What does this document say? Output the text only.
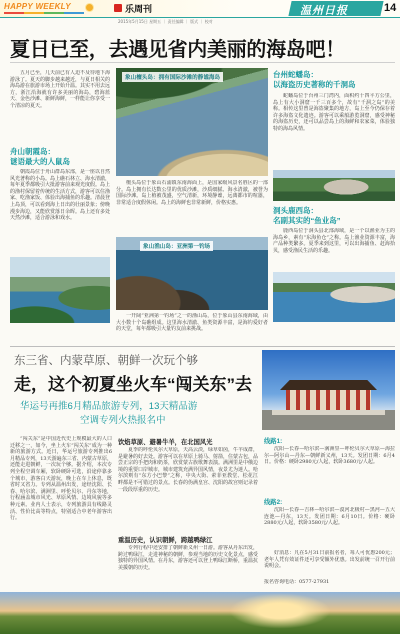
HAPPY WEEKLY	乐周刊	温州日报	14
2015年5月15日 星期五 ｜ 责任编辑 ｜ 版式 ｜ 校对
夏日已至，去遇见省内美丽的海岛吧！
五月已至，几天前已有人迫不及待地下海游泳了。夏天的脚步越来越近，与夏日相关的海岛游在旅游市场上开始升温。其实不用去远方，浙江沿海就有许多美丽的海岛，碧海蓝天、金色沙滩、新鲜海鲜，一样能让你享受一个清凉的夏天。
舟山朝霞岛：
谜语最大的人鼠岛
朝霞岛位于舟山群岛东部，是一座以自然风光著称的小岛。岛上礁石林立、海水清澈，每年夏季都吸引大批游客前来观光度假。岛上的渔村保留着传统的生活方式，游客可以住渔家、吃渔家饭、体验出海捕鱼的乐趣。清晨登上岛顶，可以看到海上日出的壮丽景象；傍晚漫步海边，又能欣赏落日余晖。岛上还有多处天然沙滩，适合游泳和戏水。
象山檀头岛：拥有国际沙滩的静谧海岛
檀头岛位于象山石浦镇东南海面上，是国家级风景名胜区的一部分。岛上拥有长达数公里的优质沙滩，沙质细腻、海水清澈，被誉为国际沙滩。岛上植被茂盛，空气清新，环境静谧，远离都市的喧嚣，非常适合度假休闲。岛上的海鲜也非常新鲜，价格实惠。
象山渔山岛：亚洲第一钓场
一开阔“亚洲第一钓场”之一的渔山岛，位于象山县东南海域，由大小数十个岛礁组成。这里海水清澈、鱼类资源丰富，是海钓爱好者的天堂，每年都吸引大量钓友前来挑战。
台州蛇蟠岛：
以海盗历史著称的千洞岛
蛇蟠岛位于台州三门湾内，面积约十四平方公里，岛上有大小洞窟一千三百多个，故有“千洞之岛”的美称。相传这里曾是海盗聚集的地方，岛上至今仍保存着许多海盗文化遗迹。游客可以乘船游览洞窟，感受神秘的海盗历史，还可以品尝岛上的海鲜和农家菜，体验独特的海岛风情。
洞头鹿西岛：
名副其实的“鱼业岛”
鹿西岛位于洞头县北部海域，是一个以渔业为主的海岛乡，素有“东海鱼仓”之称。岛上渔业资源丰富，海产品种类繁多。夏季来到这里，可以出海捕鱼、赶海拾贝，感受渔民生活的乐趣。
东三省、内蒙草原、朝鲜一次玩个够
走，这个初夏坐火车“闯关东”去
华运号再推6月精品旅游专列，13天精品游
空调专列火热报名中
“闯关东”是中国近代史上规模最大的人口迁移之一，如今，坐上火车“闯关东”成为一种新的旅游方式。近日，华运号旅游专列推出6月精品专列，13天游遍东三省、内蒙古草原，还能走进朝鲜，一次玩个够。据介绍，本次专列全程空调车厢，软卧硬卧可选，沿途停靠多个城市，游客白天游玩，晚上在车上休息，既省时又省力。专列从温州出发，途经沈阳、长春、哈尔滨、满洲里、呼伦贝尔、丹东等地，行程涵盖城市风光、草原风情、边境风貌等多种元素。业内人士表示，专列旅游具有线路灵活、性价比高等特点，特别适合中老年游客出行。
饮焰草原、避暑牛羊，在北国风光
夏季的呼伦贝尔大草原，天高云淡，绿草如茵，牛羊成群，是避暑的好去处。游客可以在草原上骑马、射箭，住蒙古包，品尝正宗的手把肉和奶茶，欣赏蒙古族歌舞表演。满洲里是中俄边境的重要口岸城市，城市建筑充满异国风情，夜景尤为迷人。哈尔滨则有“东方小巴黎”之称，中央大街、索菲亚教堂、松花江畔都是不可错过的景点。长春的伪满皇宫、沈阳的故宫则记录着一段段厚重的历史。
重温历史，认识朝鲜，跨越鸭绿江
专列行程中还安排了朝鲜新义州一日游。游客从丹东出发，跨过鸭绿江，走进神秘的朝鲜，参观当地的历史文化景点，感受独特的异国风情。在丹东，游客还可以登上鸭绿江断桥，重温抗美援朝的历史。
线路1:
沈阳—长春—哈尔滨—满洲里—呼伦贝尔大草原—海拉尔—阿尔山—丹东—朝鲜新义州，13天。发团日期：6月4日。价格：硬卧2980元/人起，软卧3680元/人起。
线路2:
沈阳—长春—吉林—哈尔滨—漠河北极村—黑河—五大连池—丹东，13天。发团日期：6月10日。价格：硬卧2880元/人起，软卧3580元/人起。
好消息：凡在5月31日前报名者，每人可优惠200元；老年人凭有效证件还可享受额外优惠。出发前统一召开行前说明会。
报名咨询电话：0577-27931
